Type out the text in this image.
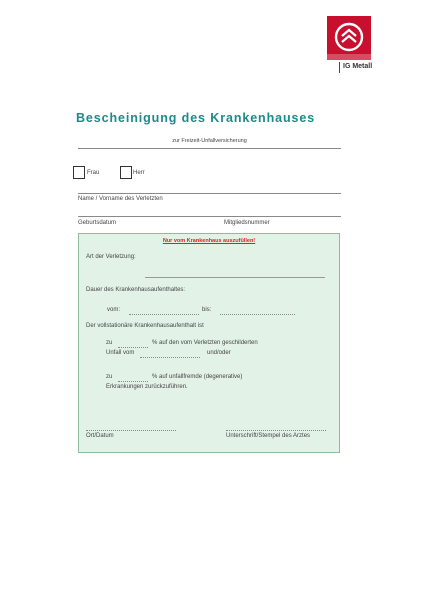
IG Metall
Bescheinigung des Krankenhauses
zur Freizeit-Unfallversicherung
Frau	Herr
Name / Vorname des Verletzten
Geburtsdatum	Mitgliedsnummer
Nur vom Krankenhaus auszufüllen!
Art der Verletzung:
Dauer des Krankenhausaufenthaltes:
vom:	bis:
Der vollstationäre Krankenhausaufenthalt ist
zu	% auf den vom Verletzten geschilderten
Unfall vom	und/oder
zu	% auf unfallfremde (degenerative)
Erkrankungen zurückzuführen.
Ort/Datum	Unterschrift/Stempel des Arztes
